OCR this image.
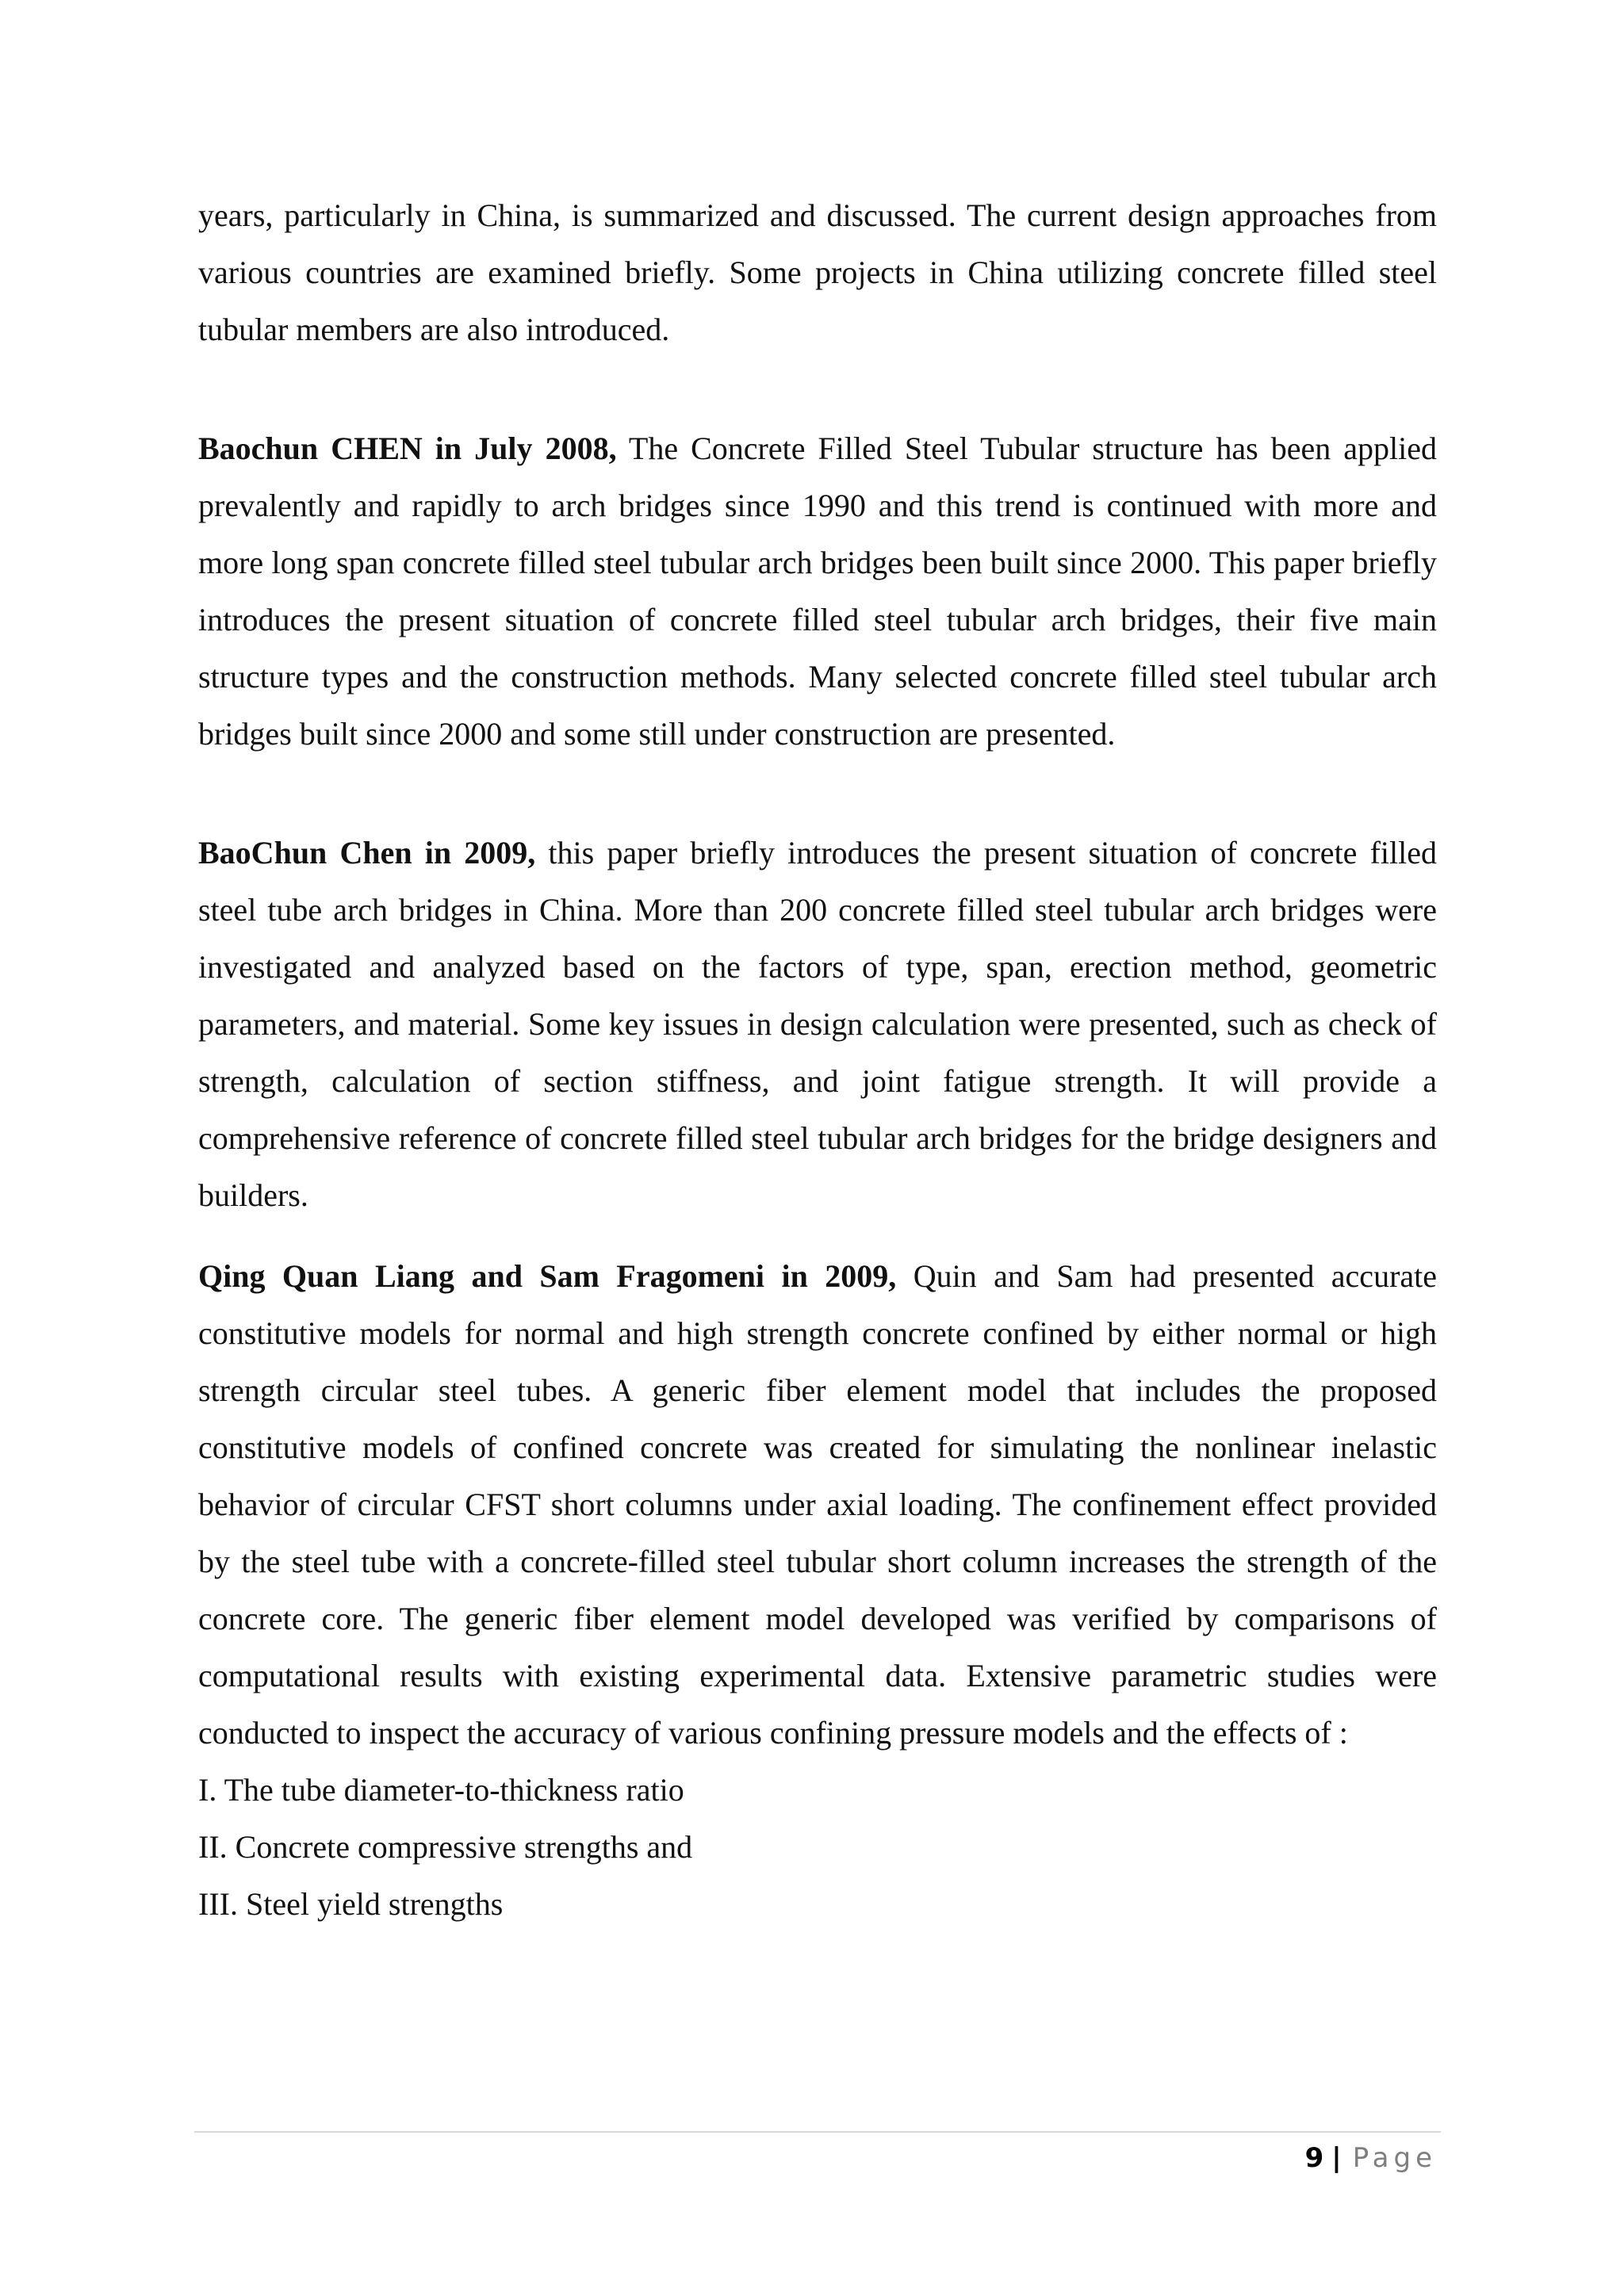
years, particularly in China, is summarized and discussed. The current design approaches from various countries are examined briefly. Some projects in China utilizing concrete filled steel tubular members are also introduced.

Baochun CHEN in July 2008, The Concrete Filled Steel Tubular structure has been applied prevalently and rapidly to arch bridges since 1990 and this trend is continued with more and more long span concrete filled steel tubular arch bridges been built since 2000. This paper briefly introduces the present situation of concrete filled steel tubular arch bridges, their five main structure types and the construction methods. Many selected concrete filled steel tubular arch bridges built since 2000 and some still under construction are presented.

BaoChun Chen in 2009, this paper briefly introduces the present situation of concrete filled steel tube arch bridges in China. More than 200 concrete filled steel tubular arch bridges were investigated and analyzed based on the factors of type, span, erection method, geometric parameters, and material. Some key issues in design calculation were presented, such as check of strength, calculation of section stiffness, and joint fatigue strength. It will provide a comprehensive reference of concrete filled steel tubular arch bridges for the bridge designers and builders.

Qing Quan Liang and Sam Fragomeni in 2009, Quin and Sam had presented accurate constitutive models for normal and high strength concrete confined by either normal or high strength circular steel tubes. A generic fiber element model that includes the proposed constitutive models of confined concrete was created for simulating the nonlinear inelastic behavior of circular CFST short columns under axial loading. The confinement effect provided by the steel tube with a concrete-filled steel tubular short column increases the strength of the concrete core. The generic fiber element model developed was verified by comparisons of computational results with existing experimental data. Extensive parametric studies were conducted to inspect the accuracy of various confining pressure models and the effects of :

I. The tube diameter-to-thickness ratio
II. Concrete compressive strengths and
III. Steel yield strengths
9 | Page
